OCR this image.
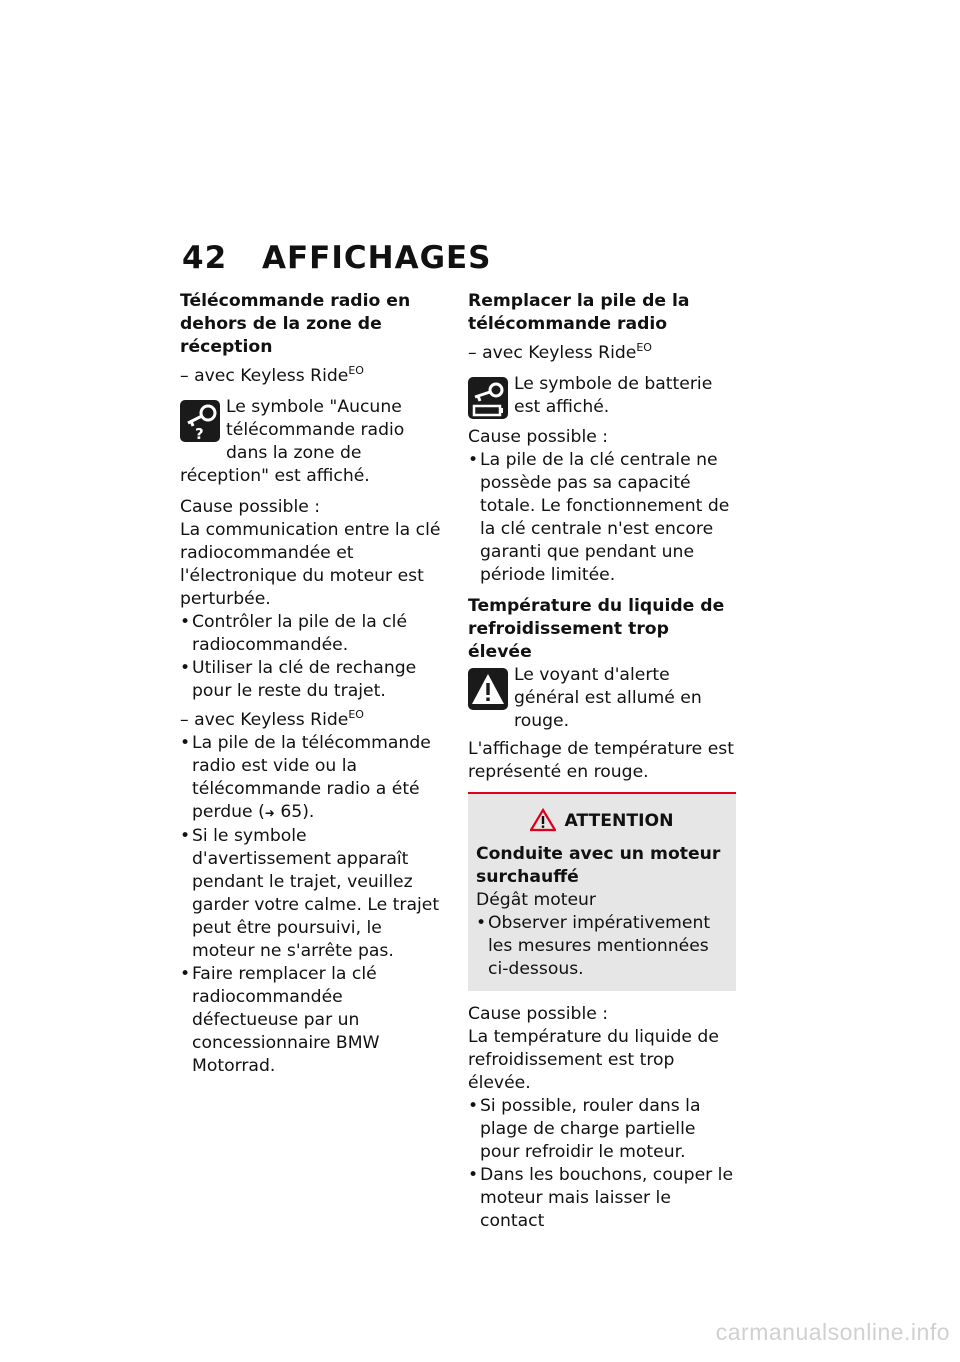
42 AFFICHAGES
Télécommande radio en dehors de la zone de réception

– avec Keyless Ride$^{EO}$

?
Le symbole "Aucune télécommande radio dans la zone de réception" est affiché.

Cause possible :

La communication entre la clé radiocommandée et l'électronique du moteur est perturbée.

• Contrôler la pile de la clé radiocommandée.
• Utiliser la clé de rechange pour le reste du trajet.

– avec Keyless Ride$^{EO}$

• La pile de la télécommande radio est vide ou la télécommande radio a été perdue (➜ 65).
• Si le symbole d'avertissement apparaît pendant le trajet, veuillez garder votre calme. Le trajet peut être poursuivi, le moteur ne s'arrête pas.
• Faire remplacer la clé radiocommandée défectueuse par un concessionnaire BMW Motorrad.
Remplacer la pile de la télécommande radio

– avec Keyless Ride$^{EO}$

Le symbole de batterie est affiché.

Cause possible :

• La pile de la clé centrale ne possède pas sa capacité totale. Le fonctionnement de la clé centrale n'est encore garanti que pendant une période limitée.
Température du liquide de refroidissement trop élevée
Le voyant d'alerte général est allumé en rouge.

L'affichage de température est représenté en rouge.

ATTENTION
Conduite avec un moteur surchauffé

Dégât moteur

• Observer impérativement les mesures mentionnées ci-dessous.

Cause possible :

La température du liquide de refroidissement est trop élevée.

• Si possible, rouler dans la plage de charge partielle pour refroidir le moteur.
• Dans les bouchons, couper le moteur mais laisser le contact
carmanualsonline.info
